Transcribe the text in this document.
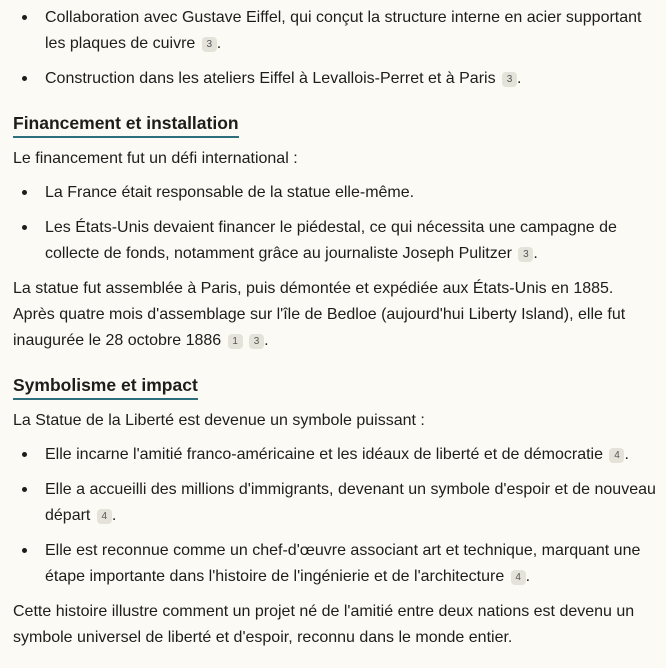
Collaboration avec Gustave Eiffel, qui conçut la structure interne en acier supportant les plaques de cuivre 3 .
Construction dans les ateliers Eiffel à Levallois-Perret et à Paris 3 .
Financement et installation

Le financement fut un défi international :

La France était responsable de la statue elle-même.
Les États-Unis devaient financer le piédestal, ce qui nécessita une campagne de collecte de fonds, notamment grâce au journaliste Joseph Pulitzer 3 .

La statue fut assemblée à Paris, puis démontée et expédiée aux États-Unis en 1885. Après quatre mois d'assemblage sur l'île de Bedloe (aujourd'hui Liberty Island), elle fut inaugurée le 28 octobre 1886 1 3 .

Symbolisme et impact

La Statue de la Liberté est devenue un symbole puissant :

Elle incarne l'amitié franco-américaine et les idéaux de liberté et de démocratie 4 .
Elle a accueilli des millions d'immigrants, devenant un symbole d'espoir et de nouveau départ 4 .
Elle est reconnue comme un chef-d'œuvre associant art et technique, marquant une étape importante dans l'histoire de l'ingénierie et de l'architecture 4 .

Cette histoire illustre comment un projet né de l'amitié entre deux nations est devenu un symbole universel de liberté et d'espoir, reconnu dans le monde entier.
